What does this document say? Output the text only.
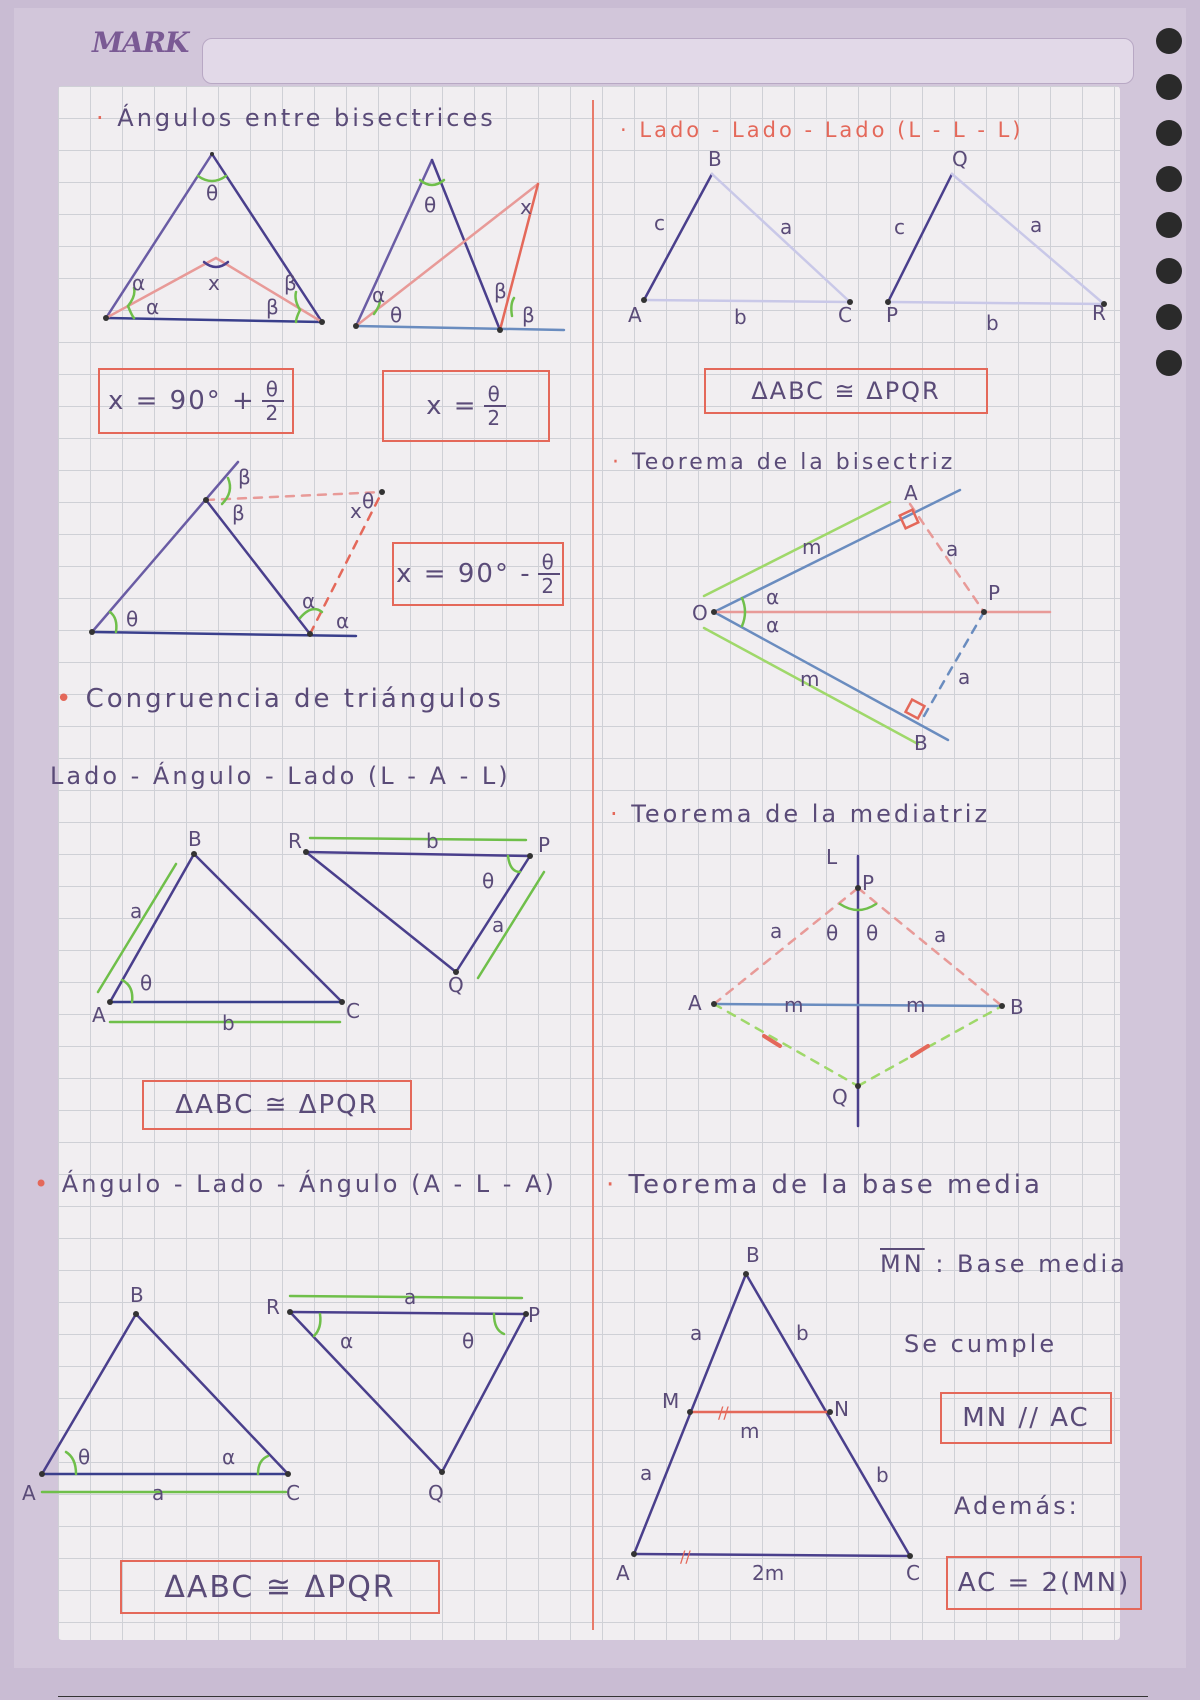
MARK
· Ángulos entre bisectrices
$x = 90^\circ + \frac{\theta}{2}$	$x = \frac{\theta}{2}$
$x = 90^\circ - \frac{\theta}{2}$
• Congruencia de triángulos
Lado - Ángulo - Lado (L - A - L)
ΔABC ≅ ΔPQR
• Ángulo - Lado - Ángulo (A - L - A)
ΔABC ≅ ΔPQR
· Lado - Lado - Lado (L - L - L)
ΔABC ≅ ΔPQR
· Teorema de la bisectriz
· Teorema de la mediatriz
· Teorema de la base media
$\overline{MN}$ : Base media
Se cumple
MN // AC
Además:
AC = 2(MN)
θ
x
α
α
β
β
θ	x
α
θ
β
β
θ
β
β	x θ
α
α
A
B
C
a
b
θ
R	P
Q
b
a
θ
A
B
C
a
θ	α
R	P
Q
a
α	θ
A
B
C
c	a
b	P
Q
R
c	a
b
O
A
B
P
m
m
a
a
α
α
L
P
A	B
Q
a	a
θ θ
m	m
B
A	C
M	N
a
a
b
b
m
2m
//
//
